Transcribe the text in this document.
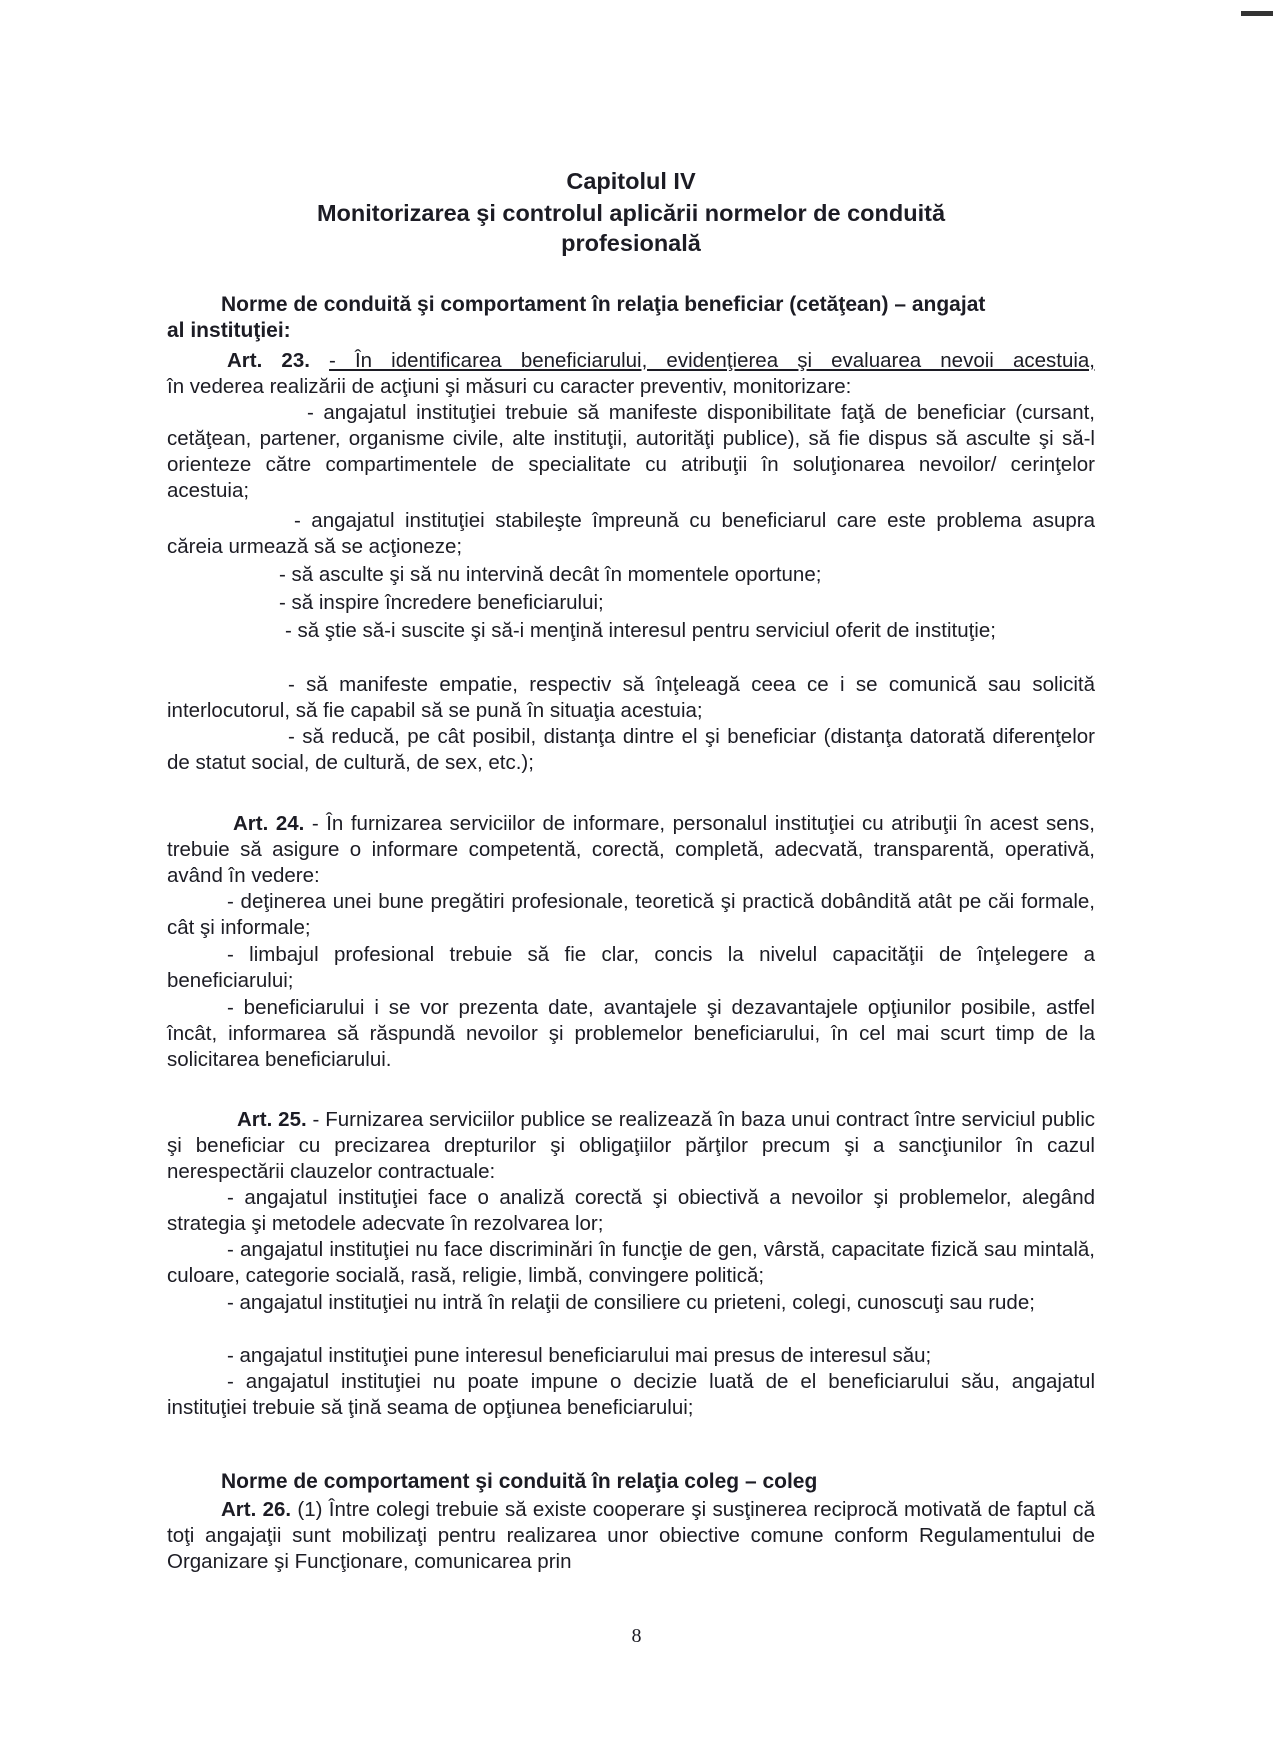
Capitolul IV
Monitorizarea şi controlul aplicării normelor de conduită
profesională
Norme de conduită şi comportament în relaţia beneficiar (cetăţean) – angajat
al instituţiei:
Art. 23. - În identificarea beneficiarului, evidenţierea şi evaluarea nevoii acestuia,
în vederea realizării de acţiuni şi măsuri cu caracter preventiv, monitorizare:
- angajatul instituţiei trebuie să manifeste disponibilitate faţă de beneficiar (cursant, cetăţean, partener, organisme civile, alte instituţii, autorităţi publice), să fie dispus să asculte şi să-l orienteze către compartimentele de specialitate cu atribuţii în soluţionarea nevoilor/ cerinţelor acestuia;
- angajatul instituţiei stabileşte împreună cu beneficiarul care este problema asupra căreia urmează să se acţioneze;
- să asculte şi să nu intervină decât în momentele oportune;
- să inspire încredere beneficiarului;
- să ştie să-i suscite şi să-i menţină interesul pentru serviciul oferit de instituţie;
- să manifeste empatie, respectiv să înţeleagă ceea ce i se comunică sau solicită interlocutorul, să fie capabil să se pună în situaţia acestuia;
- să reducă, pe cât posibil, distanţa dintre el şi beneficiar (distanţa datorată diferenţelor de statut social, de cultură, de sex, etc.);
Art. 24. - În furnizarea serviciilor de informare, personalul instituţiei cu atribuţii în acest sens, trebuie să asigure o informare competentă, corectă, completă, adecvată, transparentă, operativă, având în vedere:
- deţinerea unei bune pregătiri profesionale, teoretică şi practică dobândită atât pe căi formale, cât şi informale;
- limbajul profesional trebuie să fie clar, concis la nivelul capacităţii de înţelegere a beneficiarului;
- beneficiarului i se vor prezenta date, avantajele şi dezavantajele opţiunilor posibile, astfel încât, informarea să răspundă nevoilor şi problemelor beneficiarului, în cel mai scurt timp de la solicitarea beneficiarului.
Art. 25. - Furnizarea serviciilor publice se realizează în baza unui contract între serviciul public şi beneficiar cu precizarea drepturilor şi obligaţiilor părţilor precum şi a sancţiunilor în cazul nerespectării clauzelor contractuale:
- angajatul instituţiei face o analiză corectă şi obiectivă a nevoilor şi problemelor, alegând strategia şi metodele adecvate în rezolvarea lor;
- angajatul instituţiei nu face discriminări în funcţie de gen, vârstă, capacitate fizică sau mintală, culoare, categorie socială, rasă, religie, limbă, convingere politică;
- angajatul instituţiei nu intră în relaţii de consiliere cu prieteni, colegi, cunoscuţi sau rude;
- angajatul instituţiei pune interesul beneficiarului mai presus de interesul său;
- angajatul instituţiei nu poate impune o decizie luată de el beneficiarului său, angajatul instituţiei trebuie să ţină seama de opţiunea beneficiarului;
Norme de comportament şi conduită în relaţia coleg – coleg
Art. 26. (1) Între colegi trebuie să existe cooperare şi susţinerea reciprocă motivată de faptul că toţi angajaţii sunt mobilizaţi pentru realizarea unor obiective comune conform Regulamentului de Organizare şi Funcţionare, comunicarea prin
8
